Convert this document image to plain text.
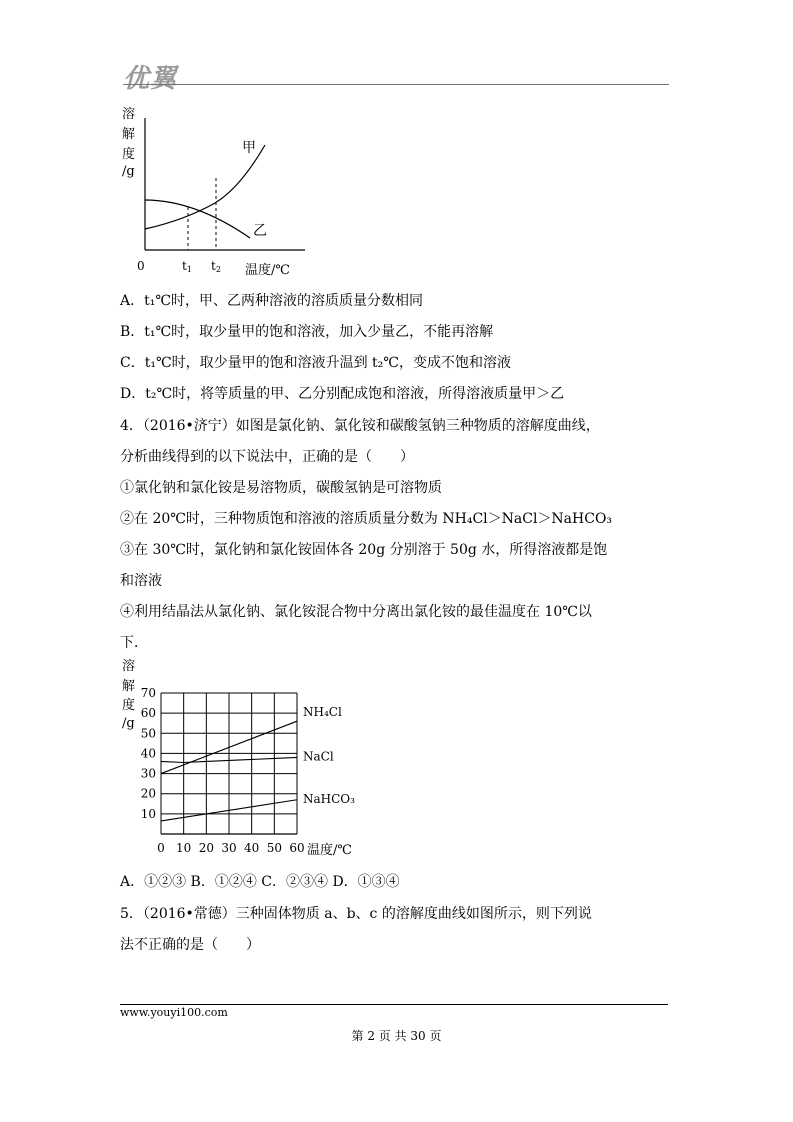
优翼
溶
解
度
/g
0
甲
乙
t1 t2 温度/℃
A．t₁℃时，甲、乙两种溶液的溶质质量分数相同
B．t₁℃时，取少量甲的饱和溶液，加入少量乙，不能再溶解
C．t₁℃时，取少量甲的饱和溶液升温到 t₂℃，变成不饱和溶液
D．t₂℃时，将等质量的甲、乙分别配成饱和溶液，所得溶液质量甲＞乙
4．（2016•济宁）如图是氯化钠、氯化铵和碳酸氢钠三种物质的溶解度曲线，
分析曲线得到的以下说法中，正确的是（　　）
①氯化钠和氯化铵是易溶物质，碳酸氢钠是可溶物质
②在 20℃时，三种物质饱和溶液的溶质质量分数为 NH₄Cl＞NaCl＞NaHCO₃
③在 30℃时，氯化钠和氯化铵固体各 20g 分别溶于 50g 水，所得溶液都是饱
和溶液
④利用结晶法从氯化钠、氯化铵混合物中分离出氯化铵的最佳温度在 10℃以
下．
溶
解
度
/g
10
20
30
40
50
60
70
0 10 20 30 40 50 60
NH₄Cl
NaCl
NaHCO₃
温度/℃
A．①②③ B．①②④ C．②③④ D．①③④
5．（2016•常德）三种固体物质 a、b、c 的溶解度曲线如图所示，则下列说
法不正确的是（　　）
www.youyi100.com
第 2 页 共 30 页
